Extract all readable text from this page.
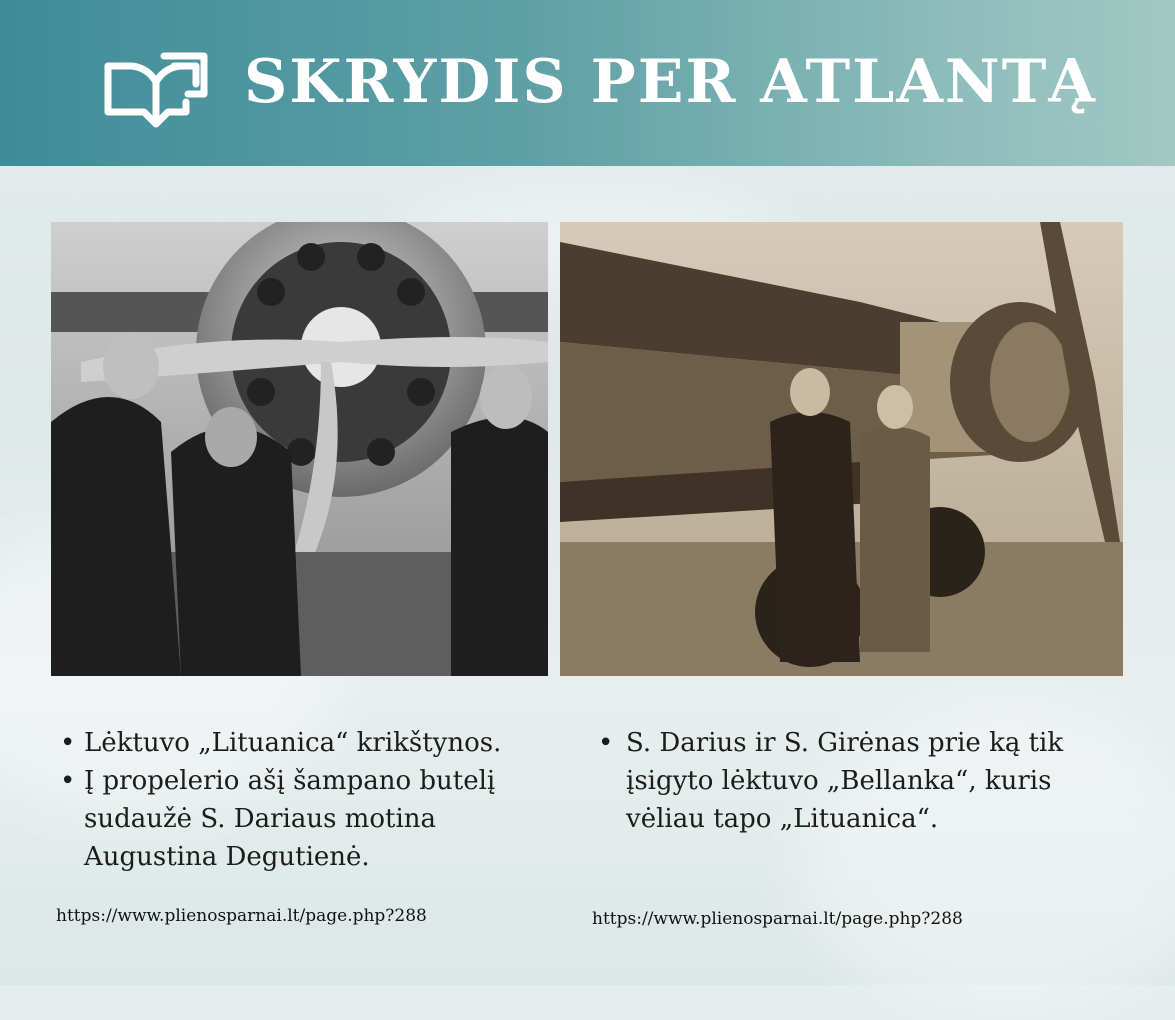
SKRYDIS PER ATLANTĄ
• Lėktuvo „Lituanica“ krikštynos.
• Į propelerio ašį šampano butelį sudaužė S. Dariaus motina Augustina Degutienė.
https://www.plienosparnai.lt/page.php?288
• S. Darius ir S. Girėnas prie ką tik įsigyto lėktuvo „Bellanka“, kuris vėliau tapo „Lituanica“.
https://www.plienosparnai.lt/page.php?288
